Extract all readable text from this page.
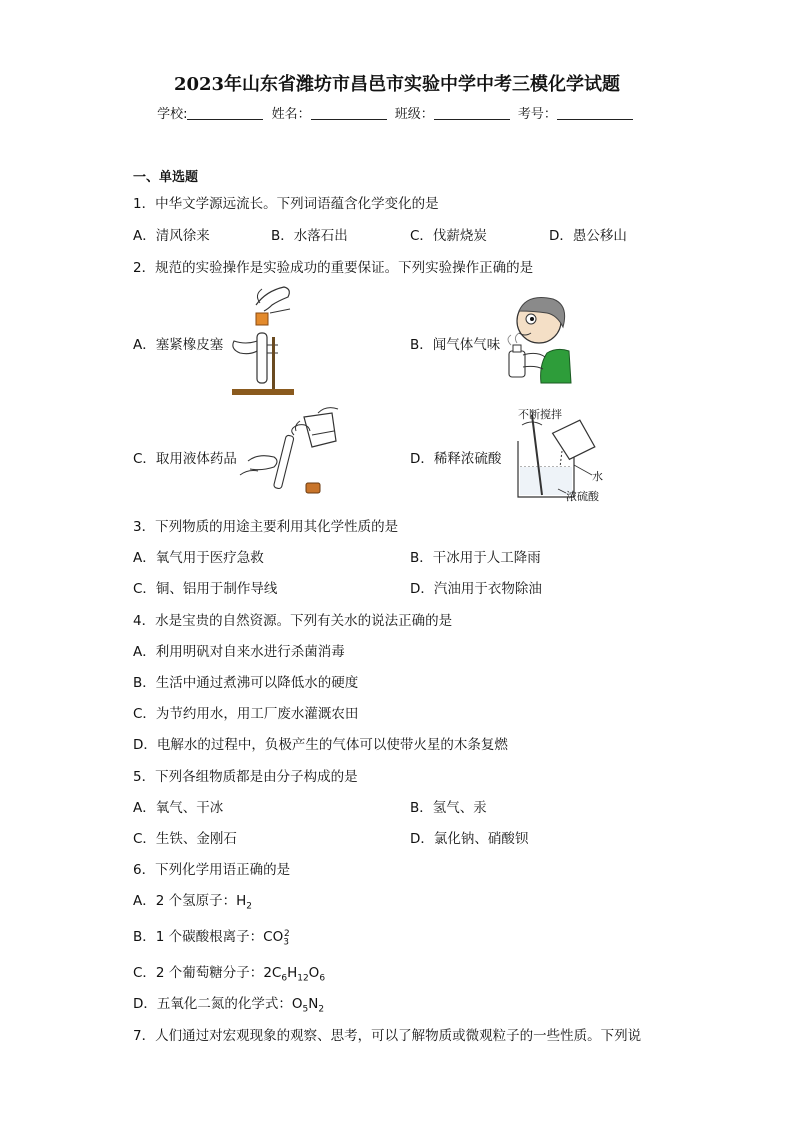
2023年山东省潍坊市昌邑市实验中学中考三模化学试题
学校:	姓名：	班级：	考号：
一、单选题
1．中华文学源远流长。下列词语蕴含化学变化的是
A．清风徐来	B．水落石出	C．伐薪烧炭	D．愚公移山
2．规范的实验操作是实验成功的重要保证。下列实验操作正确的是
A．塞紧橡皮塞	B．闻气体气味
C．取用液体药品	D．稀释浓硫酸
不断搅拌
水
浓硫酸
3．下列物质的用途主要利用其化学性质的是
A．氧气用于医疗急救	B．干冰用于人工降雨
C．铜、铝用于制作导线	D．汽油用于衣物除油
4．水是宝贵的自然资源。下列有关水的说法正确的是
A．利用明矾对自来水进行杀菌消毒
B．生活中通过煮沸可以降低水的硬度
C．为节约用水，用工厂废水灌溉农田
D．电解水的过程中，负极产生的气体可以使带火星的木条复燃
5．下列各组物质都是由分子构成的是
A．氧气、干冰	B．氢气、汞
C．生铁、金刚石	D．氯化钠、硝酸钡
6．下列化学用语正确的是
A．2 个氢原子：$H_2$
B．1 个碳酸根离子：$CO_3^2$
C．2 个葡萄糖分子：$2C_6H_{12}O_6$
D．五氧化二氮的化学式：$O_5N_2$
7．人们通过对宏观现象的观察、思考，可以了解物质或微观粒子的一些性质。下列说
